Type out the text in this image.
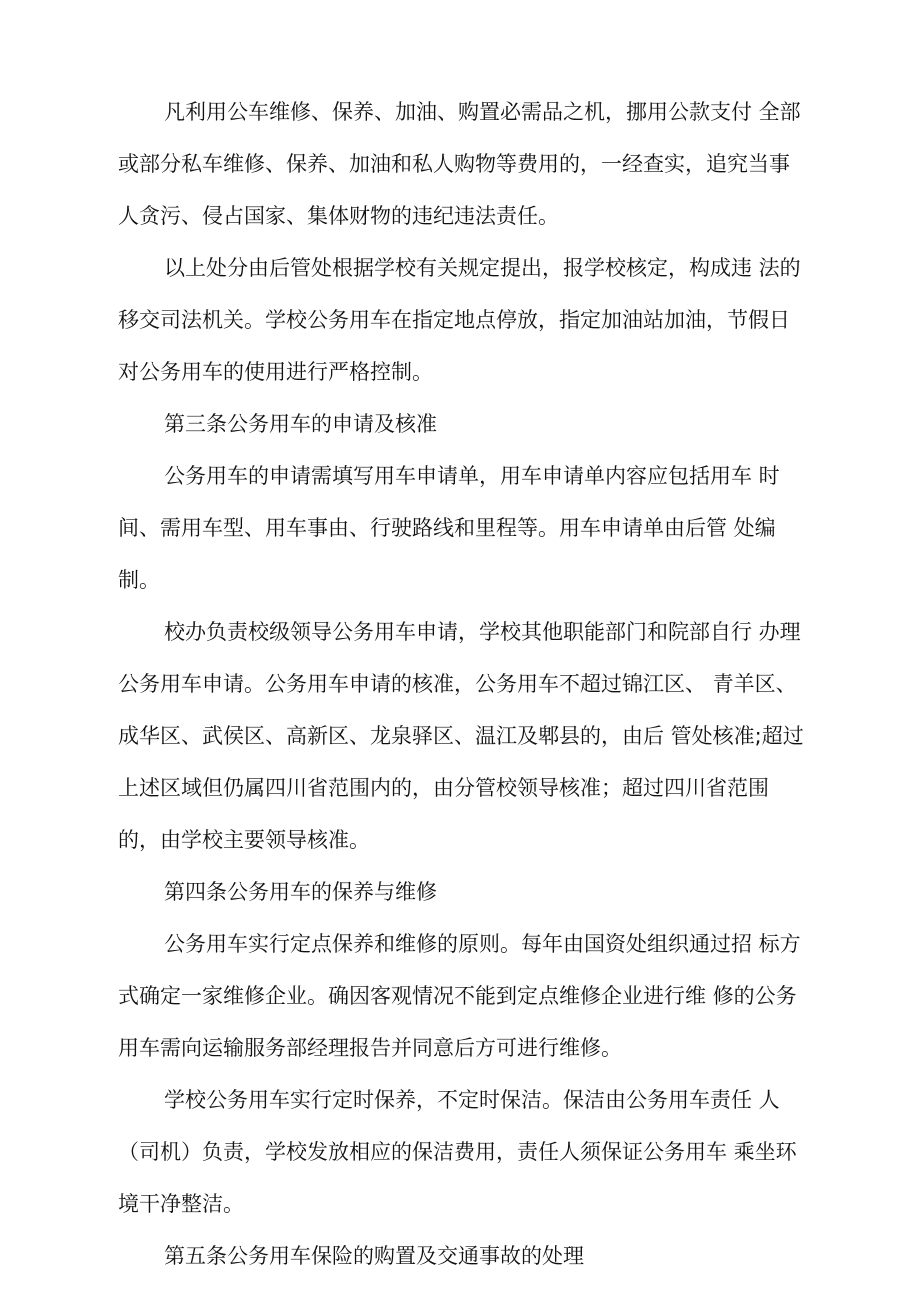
凡利用公车维修、保养、加油、购置必需品之机，挪用公款支付 全部或部分私车维修、保养、加油和私人购物等费用的，一经查实，追究当事人贪污、侵占国家、集体财物的违纪违法责任。

以上处分由后管处根据学校有关规定提出，报学校核定，构成违 法的移交司法机关。学校公务用车在指定地点停放，指定加油站加油，节假日对公务用车的使用进行严格控制。

第三条公务用车的申请及核准

公务用车的申请需填写用车申请单，用车申请单内容应包括用车 时间、需用车型、用车事由、行驶路线和里程等。用车申请单由后管 处编制。

校办负责校级领导公务用车申请，学校其他职能部门和院部自行 办理公务用车申请。公务用车申请的核准，公务用车不超过锦江区、 青羊区、成华区、武侯区、高新区、龙泉驿区、温江及郫县的，由后 管处核准;超过上述区域但仍属四川省范围内的，由分管校领导核准；超过四川省范围的，由学校主要领导核准。

第四条公务用车的保养与维修

公务用车实行定点保养和维修的原则。每年由国资处组织通过招 标方式确定一家维修企业。确因客观情况不能到定点维修企业进行维 修的公务用车需向运输服务部经理报告并同意后方可进行维修。

学校公务用车实行定时保养，不定时保洁。保洁由公务用车责任 人（司机）负责，学校发放相应的保洁费用，责任人须保证公务用车 乘坐环境干净整洁。

第五条公务用车保险的购置及交通事故的处理
